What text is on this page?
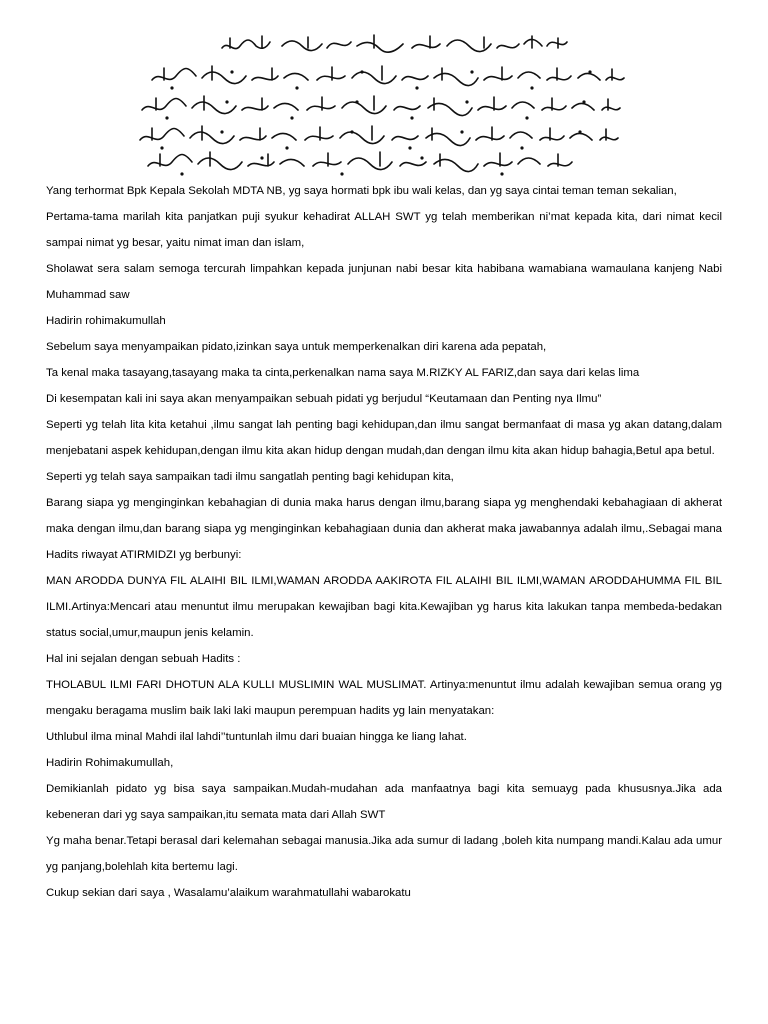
Yang terhormat Bpk Kepala Sekolah MDTA NB, yg saya hormati bpk ibu wali kelas, dan yg saya cintai teman teman sekalian,

Pertama-tama marilah kita panjatkan puji syukur kehadirat ALLAH SWT yg telah memberikan ni’mat kepada kita, dari nimat kecil sampai nimat yg besar, yaitu nimat iman dan islam,

Sholawat sera salam semoga tercurah limpahkan kepada junjunan nabi besar kita habibana wamabiana wamaulana kanjeng Nabi Muhammad saw

Hadirin rohimakumullah

Sebelum saya menyampaikan pidato,izinkan saya untuk memperkenalkan diri karena ada pepatah,

Ta kenal maka tasayang,tasayang maka ta cinta,perkenalkan nama saya M.RIZKY AL FARIZ,dan saya dari kelas lima

Di kesempatan kali ini saya akan menyampaikan sebuah pidati yg berjudul “Keutamaan dan Penting nya Ilmu”

Seperti yg telah lita kita ketahui ,ilmu sangat lah penting bagi kehidupan,dan ilmu sangat bermanfaat di masa yg akan datang,dalam menjebatani aspek kehidupan,dengan ilmu kita akan hidup dengan mudah,dan dengan ilmu kita akan hidup bahagia,Betul apa betul.

Seperti yg telah saya sampaikan tadi ilmu sangatlah penting bagi kehidupan kita,

Barang siapa yg menginginkan kebahagian di dunia maka harus dengan ilmu,barang siapa yg menghendaki kebahagiaan di akherat maka dengan ilmu,dan barang siapa yg menginginkan kebahagiaan dunia dan akherat maka jawabannya adalah ilmu,.Sebagai mana Hadits riwayat ATIRMIDZI yg berbunyi:

MAN ARODDA DUNYA FIL ALAIHI BIL ILMI,WAMAN ARODDA AAKIROTA FIL ALAIHI BIL ILMI,WAMAN ARODDAHUMMA FIL BIL ILMI.Artinya:Mencari atau menuntut ilmu merupakan kewajiban bagi kita.Kewajiban yg harus kita lakukan tanpa membeda-bedakan status social,umur,maupun jenis kelamin.

Hal ini sejalan dengan sebuah Hadits :

THOLABUL ILMI FARI DHOTUN ALA KULLI MUSLIMIN WAL MUSLIMAT. Artinya:menuntut ilmu adalah kewajiban semua orang yg mengaku beragama muslim baik laki laki maupun perempuan hadits yg lain menyatakan:

Uthlubul ilma minal Mahdi ilal lahdi’’tuntunlah ilmu dari buaian hingga ke liang lahat.

Hadirin Rohimakumullah,

Demikianlah pidato yg bisa saya sampaikan.Mudah-mudahan ada manfaatnya bagi kita semuayg pada khususnya.Jika ada kebeneran dari yg saya sampaikan,itu semata mata dari Allah SWT

Yg maha benar.Tetapi berasal dari kelemahan sebagai manusia.Jika ada sumur di ladang ,boleh kita numpang mandi.Kalau ada umur yg panjang,bolehlah kita bertemu lagi.

Cukup sekian dari saya , Wasalamu’alaikum warahmatullahi wabarokatu
